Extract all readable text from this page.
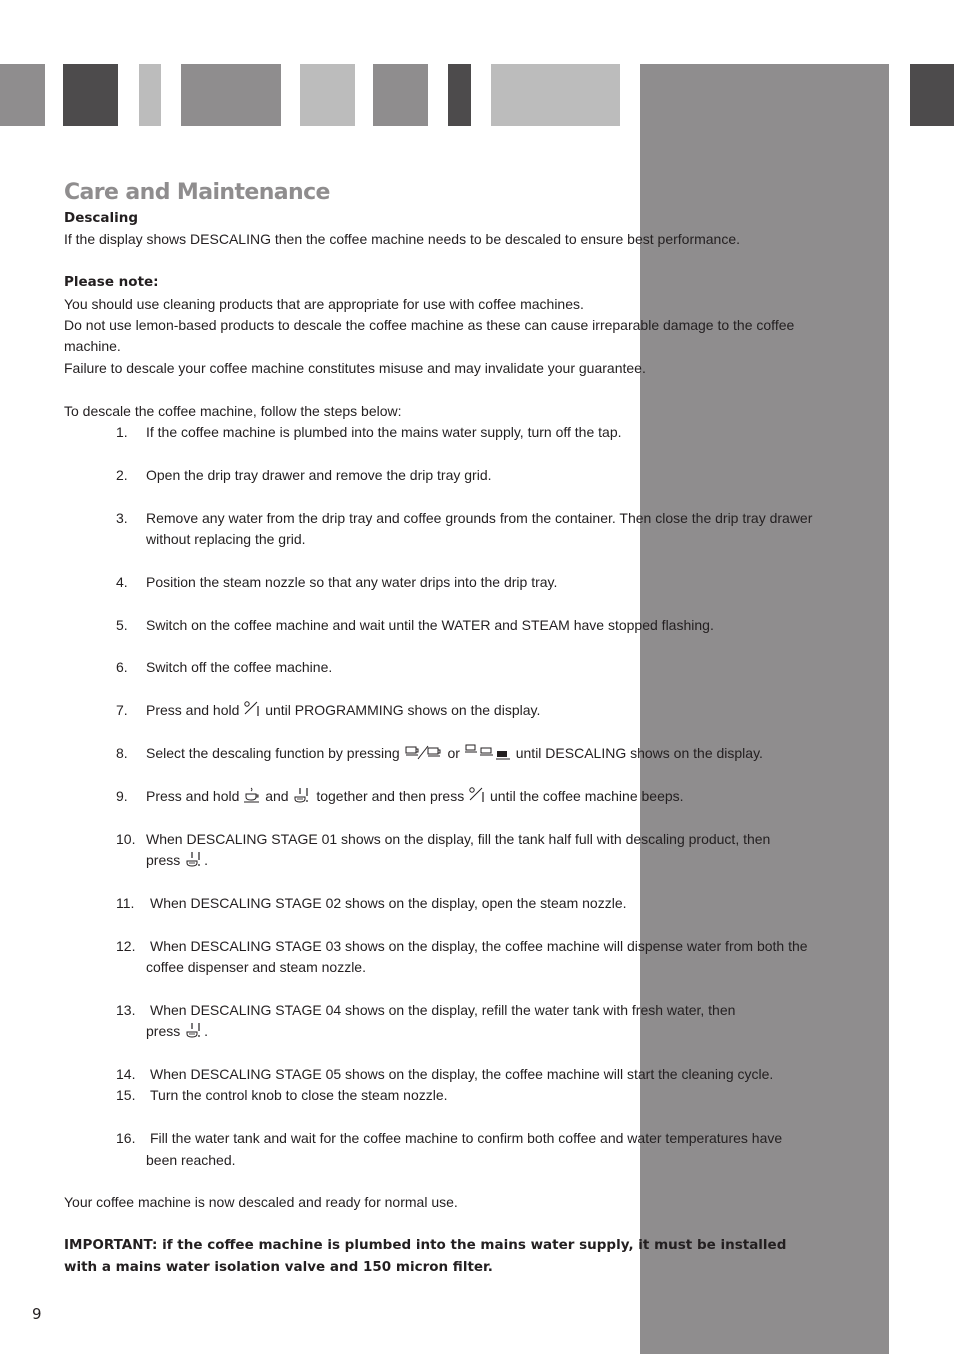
Care and Maintenance

Descaling

If the display shows DESCALING then the coffee machine needs to be descaled to ensure best performance.

Please note:

You should use cleaning products that are appropriate for use with coffee machines.

Do not use lemon-based products to descale the coffee machine as these can cause irreparable damage to the coffee machine.

Failure to descale your coffee machine constitutes misuse and may invalidate your guarantee.

To descale the coffee machine, follow the steps below:

1. If the coffee machine is plumbed into the mains water supply, turn off the tap.
2. Open the drip tray drawer and remove the drip tray grid.
3. Remove any water from the drip tray and coffee grounds from the container. Then close the drip tray drawer without replacing the grid.
4. Position the steam nozzle so that any water drips into the drip tray.
5. Switch on the coffee machine and wait until the WATER and STEAM have stopped flashing.
6. Switch off the coffee machine.
7. Press and hold
until PROGRAMMING shows on the display.
8. Select the descaling function by pressing	or	until DESCALING shows on the display.
9. Press and hold
and
together and then press
until the coffee machine beeps.
10. When DESCALING STAGE 01 shows on the display, fill the tank half full with descaling product, then
press
.
11. When DESCALING STAGE 02 shows on the display, open the steam nozzle.
12. When DESCALING STAGE 03 shows on the display, the coffee machine will dispense water from both the
coffee dispenser and steam nozzle.
13. When DESCALING STAGE 04 shows on the display, refill the water tank with fresh water, then
press
.
14. When DESCALING STAGE 05 shows on the display, the coffee machine will start the cleaning cycle.
15. Turn the control knob to close the steam nozzle.
16. Fill the water tank and wait for the coffee machine to confirm both coffee and water temperatures have
been reached.

Your coffee machine is now descaled and ready for normal use.

IMPORTANT: if the coffee machine is plumbed into the mains water supply, it must be installed with a mains water isolation valve and 150 micron filter.

9
